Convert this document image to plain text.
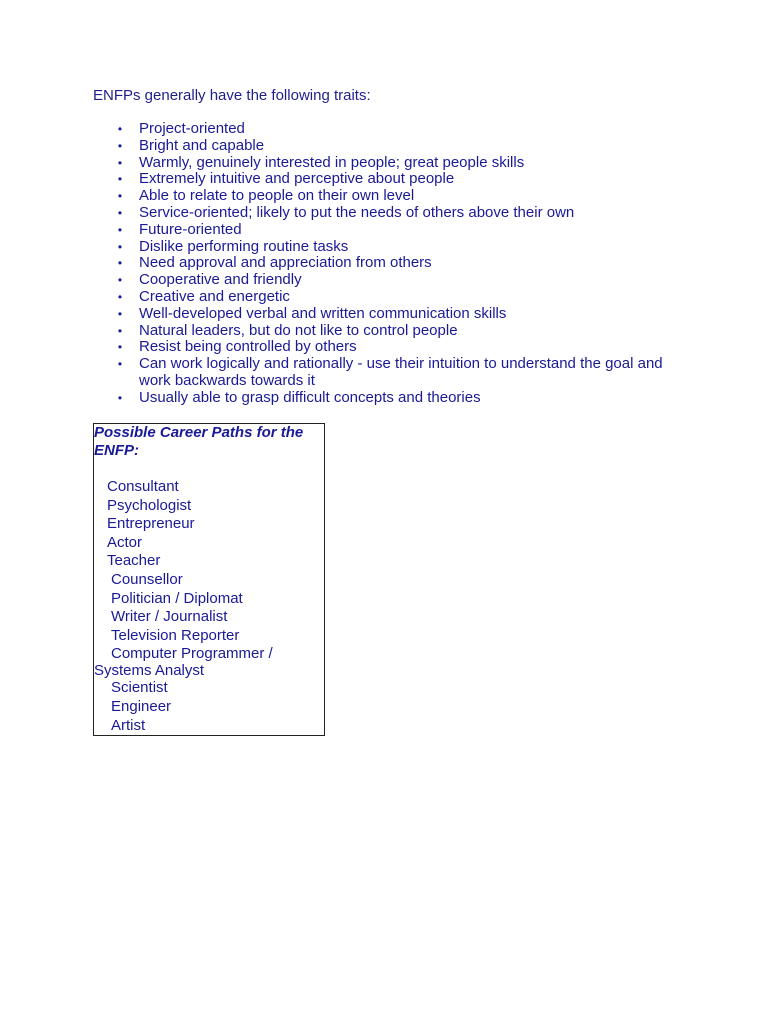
ENFPs generally have the following traits:
• Project-oriented
• Bright and capable
• Warmly, genuinely interested in people; great people skills
• Extremely intuitive and perceptive about people
• Able to relate to people on their own level
• Service-oriented; likely to put the needs of others above their own
• Future-oriented
• Dislike performing routine tasks
• Need approval and appreciation from others
• Cooperative and friendly
• Creative and energetic
• Well-developed verbal and written communication skills
• Natural leaders, but do not like to control people
• Resist being controlled by others
• Can work logically and rationally - use their intuition to understand the goal and work backwards towards it
• Usually able to grasp difficult concepts and theories
Possible Career Paths for the ENFP:
Consultant
Psychologist
Entrepreneur
Actor
Teacher
Counsellor
Politician / Diplomat
Writer / Journalist
Television Reporter
Computer Programmer / Systems Analyst
Scientist
Engineer
Artist
